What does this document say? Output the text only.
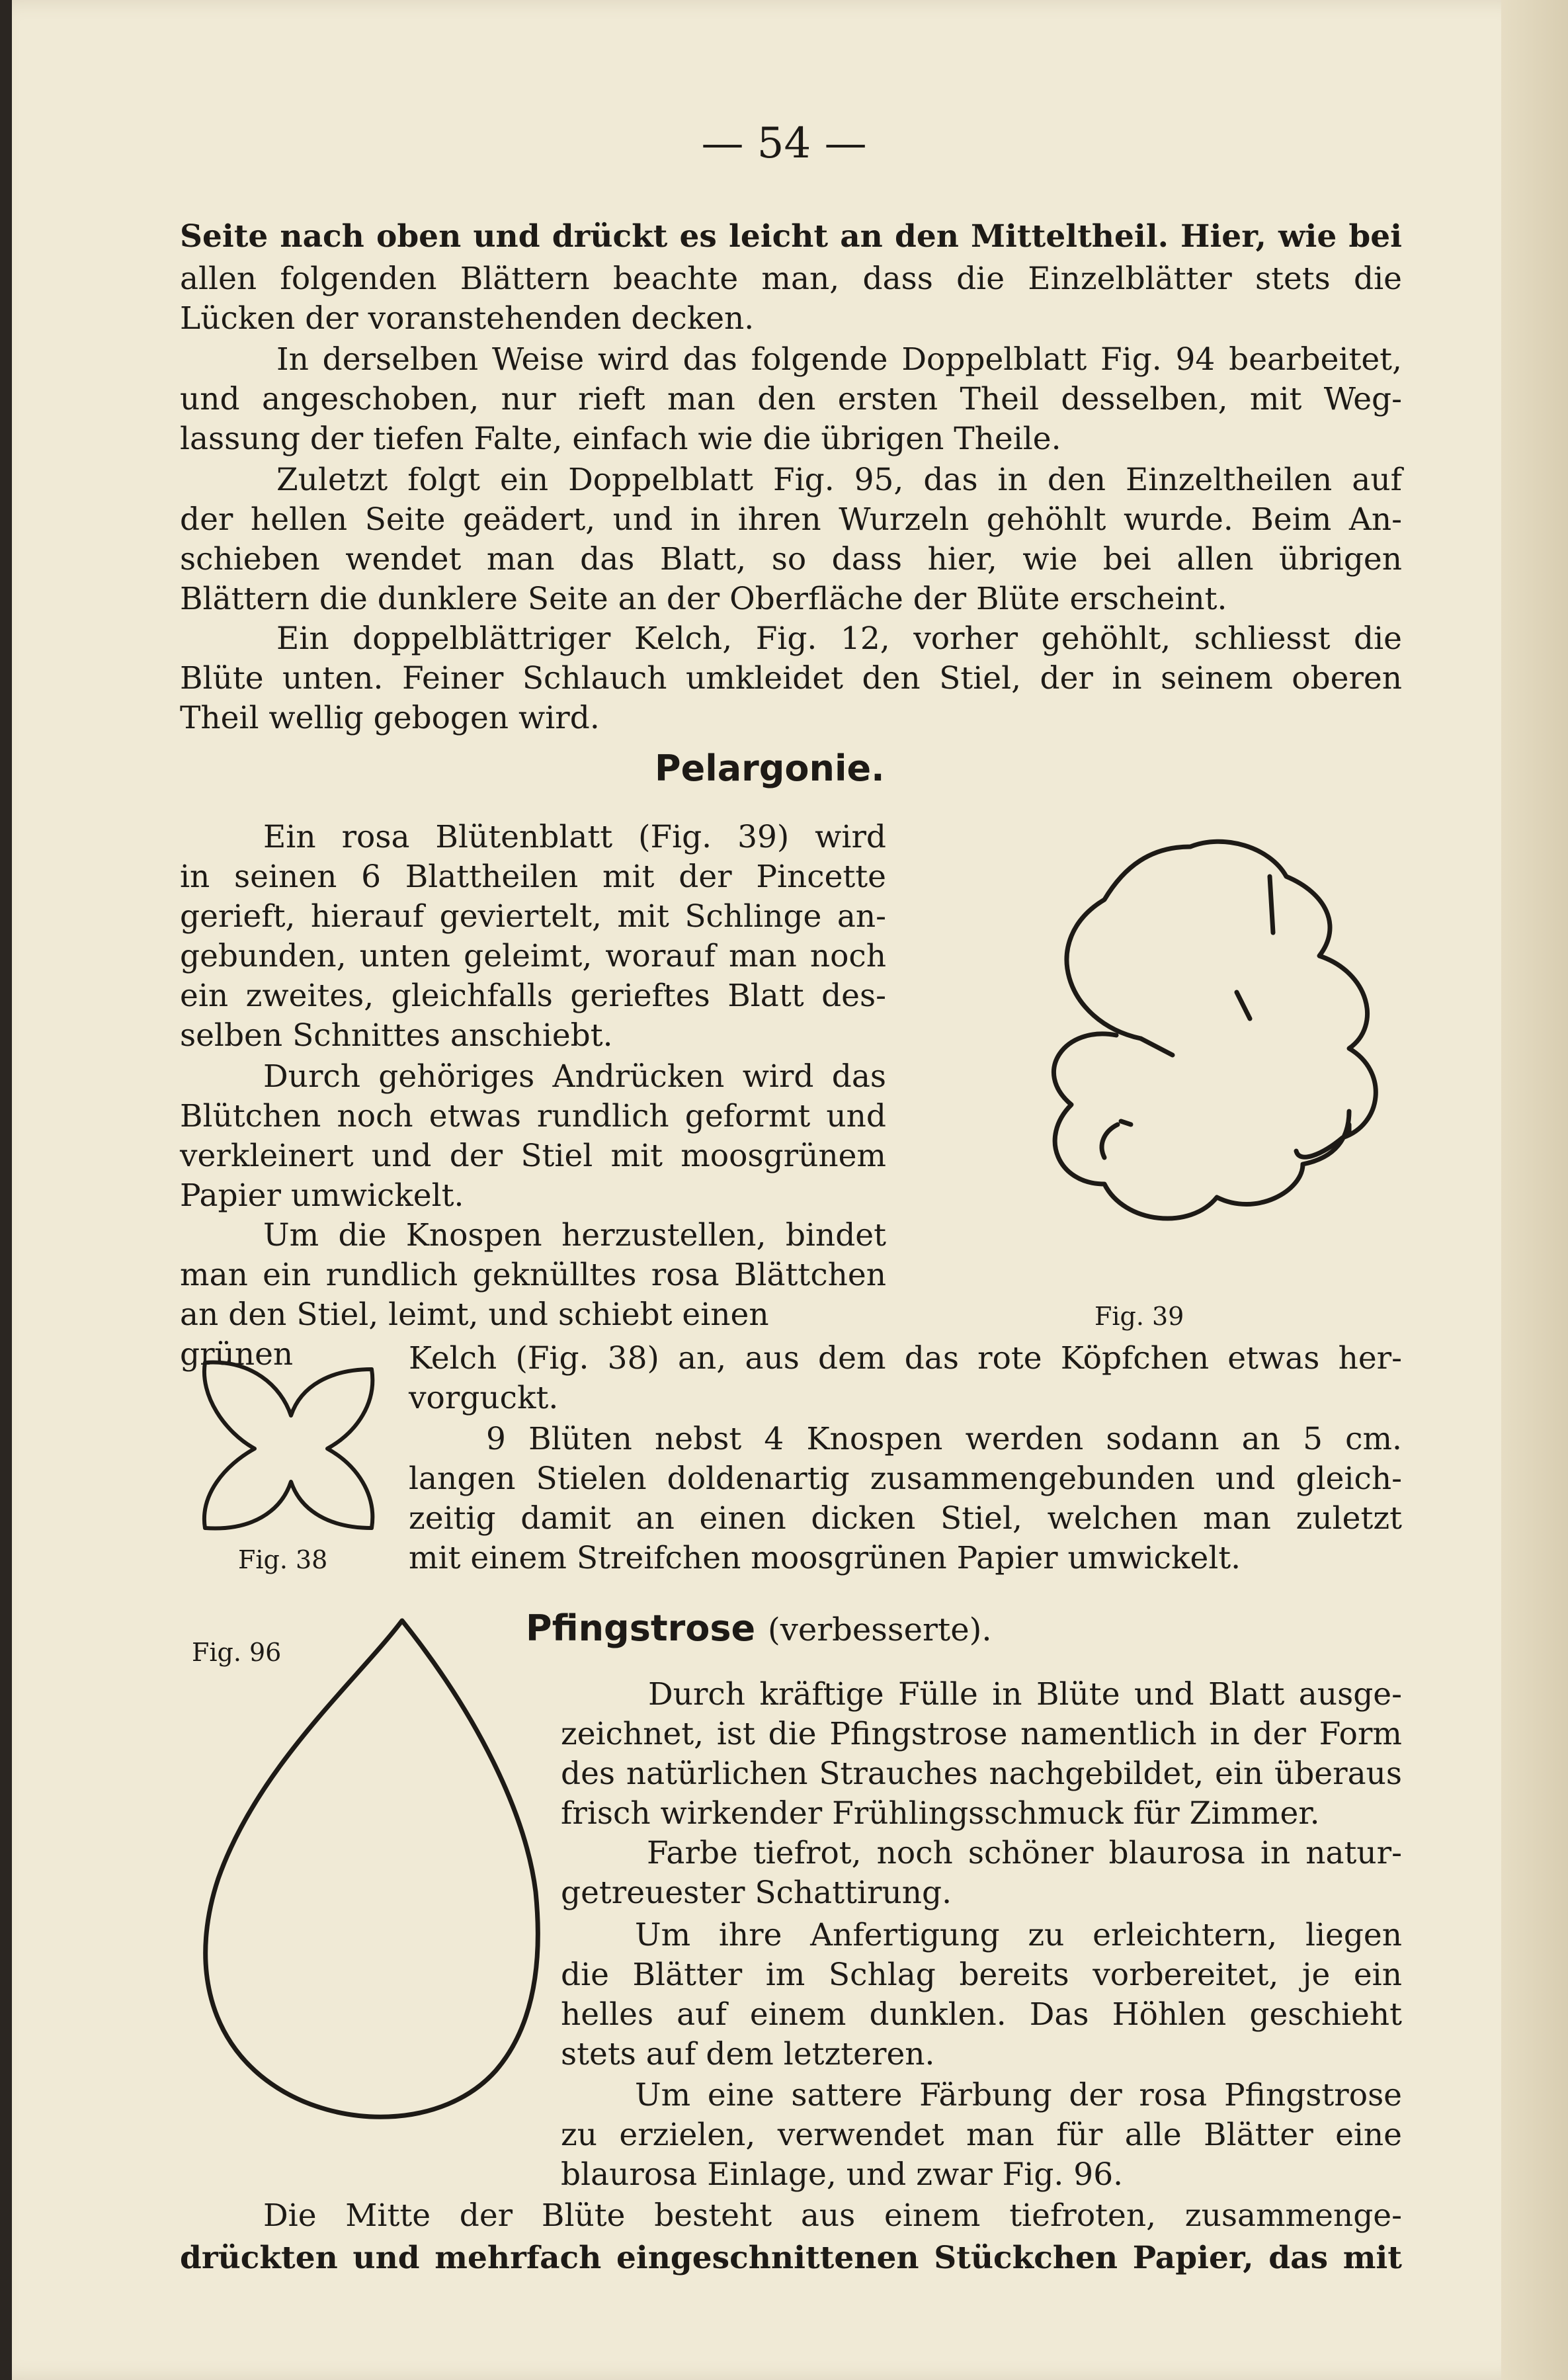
— 54 —
Seite nach oben und drückt es leicht an den Mitteltheil. Hier, wie bei
allen folgenden Blättern beachte man, dass die Einzelblätter stets die
Lücken der voranstehenden decken.
In derselben Weise wird das folgende Doppelblatt Fig. 94 bearbeitet,
und angeschoben, nur rieft man den ersten Theil desselben, mit Weg-
lassung der tiefen Falte, einfach wie die übrigen Theile.
Zuletzt folgt ein Doppelblatt Fig. 95, das in den Einzeltheilen auf
der hellen Seite geädert, und in ihren Wurzeln gehöhlt wurde. Beim An-
schieben wendet man das Blatt, so dass hier, wie bei allen übrigen
Blättern die dunklere Seite an der Oberfläche der Blüte erscheint.
Ein doppelblättriger Kelch, Fig. 12, vorher gehöhlt, schliesst die
Blüte unten. Feiner Schlauch umkleidet den Stiel, der in seinem oberen
Theil wellig gebogen wird.
Pelargonie.
Ein rosa Blütenblatt (Fig. 39) wird
in seinen 6 Blattheilen mit der Pincette
gerieft, hierauf geviertelt, mit Schlinge an-
gebunden, unten geleimt, worauf man noch
ein zweites, gleichfalls gerieftes Blatt des-
selben Schnittes anschiebt.
Durch gehöriges Andrücken wird das
Blütchen noch etwas rundlich geformt und
verkleinert und der Stiel mit moosgrünem
Papier umwickelt.
Um die Knospen herzustellen, bindet
man ein rundlich geknülltes rosa Blättchen
an den Stiel, leimt, und schiebt einen grünen	Kelch (Fig. 38) an, aus dem das rote Köpfchen etwas her-
vorguckt.
9 Blüten nebst 4 Knospen werden sodann an 5 cm.
langen Stielen doldenartig zusammengebunden und gleich-
zeitig damit an einen dicken Stiel, welchen man zuletzt
mit einem Streifchen moosgrünen Papier umwickelt.
Fig. 39
Fig. 38
Pfingstrose (verbesserte).
Fig. 96
Durch kräftige Fülle in Blüte und Blatt ausge-
zeichnet, ist die Pfingstrose namentlich in der Form
des natürlichen Strauches nachgebildet, ein überaus
frisch wirkender Frühlingsschmuck für Zimmer.
Farbe tiefrot, noch schöner blaurosa in natur-
getreuester Schattirung.
Um ihre Anfertigung zu erleichtern, liegen
die Blätter im Schlag bereits vorbereitet, je ein
helles auf einem dunklen. Das Höhlen geschieht
stets auf dem letzteren.
Um eine sattere Färbung der rosa Pfingstrose
zu erzielen, verwendet man für alle Blätter eine
blaurosa Einlage, und zwar Fig. 96.
Die Mitte der Blüte besteht aus einem tiefroten, zusammenge-
drückten und mehrfach eingeschnittenen Stückchen Papier, das mit
